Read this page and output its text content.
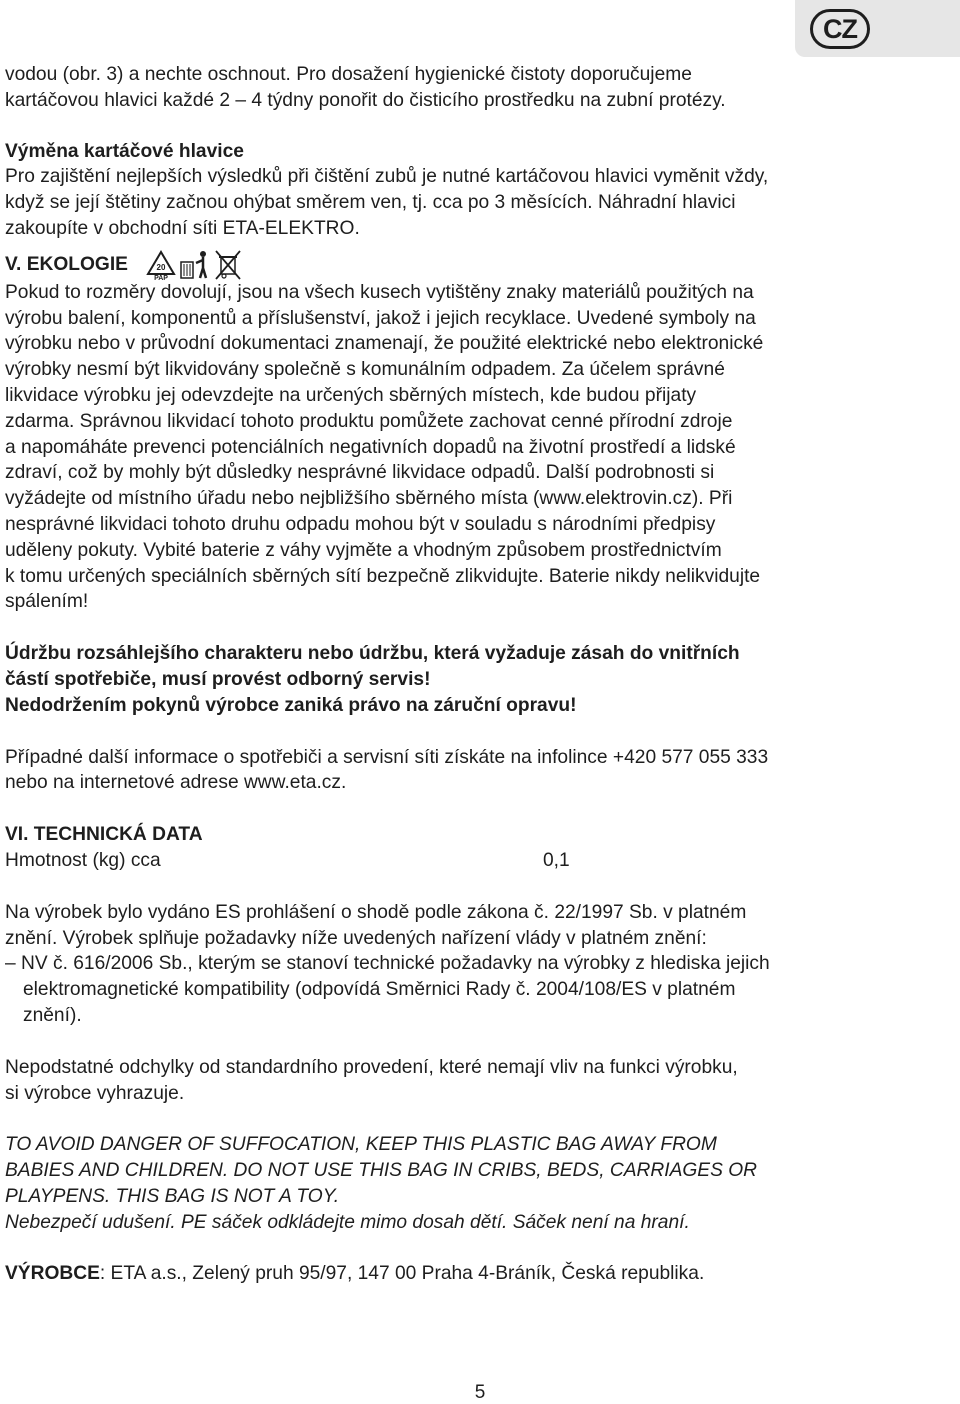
CZ

vodou (obr. 3) a nechte oschnout. Pro dosažení hygienické čistoty doporučujeme

kartáčovou hlavici každé 2 – 4 týdny ponořit do čisticího prostředku na zubní protézy.

Výměna kartáčové hlavice

Pro zajištění nejlepších výsledků při čištění zubů je nutné kartáčovou hlavici vyměnit vždy,

když se její štětiny začnou ohýbat směrem ven, tj. cca po 3 měsících. Náhradní hlavici

zakoupíte v obchodní síti ETA-ELEKTRO.

V. EKOLOGIE	20
PAP

Pokud to rozměry dovolují, jsou na všech kusech vytištěny znaky materiálů použitých na

výrobu balení, komponentů a příslušenství, jakož i jejich recyklace. Uvedené symboly na

výrobku nebo v průvodní dokumentaci znamenají, že použité elektrické nebo elektronické

výrobky nesmí být likvidovány společně s komunálním odpadem. Za účelem správné

likvidace výrobku jej odevzdejte na určených sběrných místech, kde budou přijaty

zdarma. Správnou likvidací tohoto produktu pomůžete zachovat cenné přírodní zdroje

a napomáháte prevenci potenciálních negativních dopadů na životní prostředí a lidské

zdraví, což by mohly být důsledky nesprávné likvidace odpadů. Další podrobnosti si

vyžádejte od místního úřadu nebo nejbližšího sběrného místa (www.elektrovin.cz). Při

nesprávné likvidaci tohoto druhu odpadu mohou být v souladu s národními předpisy

uděleny pokuty. Vybité baterie z váhy vyjměte a vhodným způsobem prostřednictvím

k tomu určených speciálních sběrných sítí bezpečně zlikvidujte. Baterie nikdy nelikvidujte

spálením!

Údržbu rozsáhlejšího charakteru nebo údržbu, která vyžaduje zásah do vnitřních

částí spotřebiče, musí provést odborný servis!

Nedodržením pokynů výrobce zaniká právo na záruční opravu!

Případné další informace o spotřebiči a servisní síti získáte na infolince +420 577 055 333

nebo na internetové adrese www.eta.cz.

VI. TECHNICKÁ DATA

Hmotnost (kg) cca	0,1

Na výrobek bylo vydáno ES prohlášení o shodě podle zákona č. 22/1997 Sb. v platném

znění. Výrobek splňuje požadavky níže uvedených nařízení vlády v platném znění:

– NV č. 616/2006 Sb., kterým se stanoví technické požadavky na výrobky z hlediska jejich

elektromagnetické kompatibility (odpovídá Směrnici Rady č. 2004/108/ES v platném

znění).

Nepodstatné odchylky od standardního provedení, které nemají vliv na funkci výrobku,

si výrobce vyhrazuje.

TO AVOID DANGER OF SUFFOCATION, KEEP THIS PLASTIC BAG AWAY FROM

BABIES AND CHILDREN. DO NOT USE THIS BAG IN CRIBS, BEDS, CARRIAGES OR

PLAYPENS. THIS BAG IS NOT A TOY.

Nebezpečí udušení. PE sáček odkládejte mimo dosah dětí. Sáček není na hraní.

VÝROBCE: ETA a.s., Zelený pruh 95/97, 147 00 Praha 4-Bráník, Česká republika.

5
